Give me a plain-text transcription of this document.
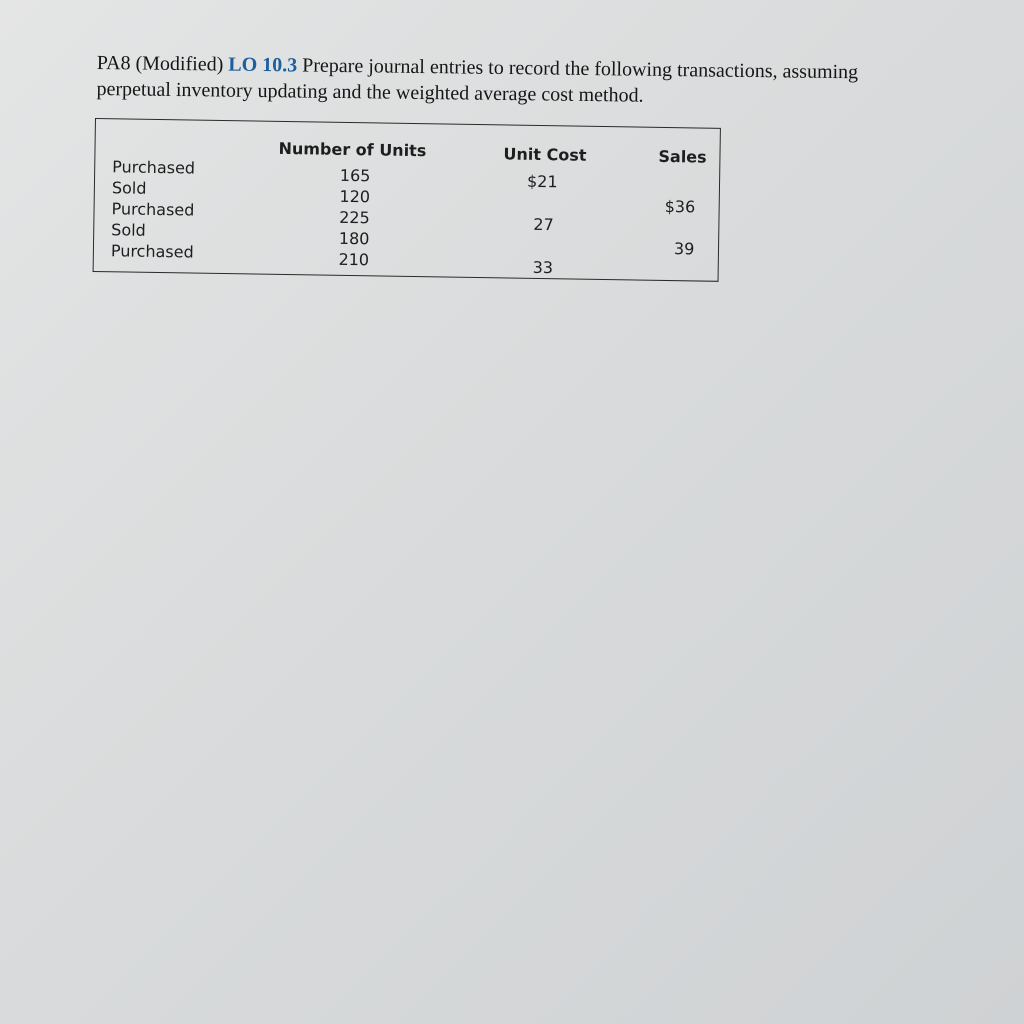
PA8 (Modified) LO 10.3 Prepare journal entries to record the following transactions, assuming
perpetual inventory updating and the weighted average cost method.
Number of Units	Unit Cost	Sales
Purchased
Sold
Purchased
Sold
Purchased
165
120
225
180
210
$21
27
33
$36
39
